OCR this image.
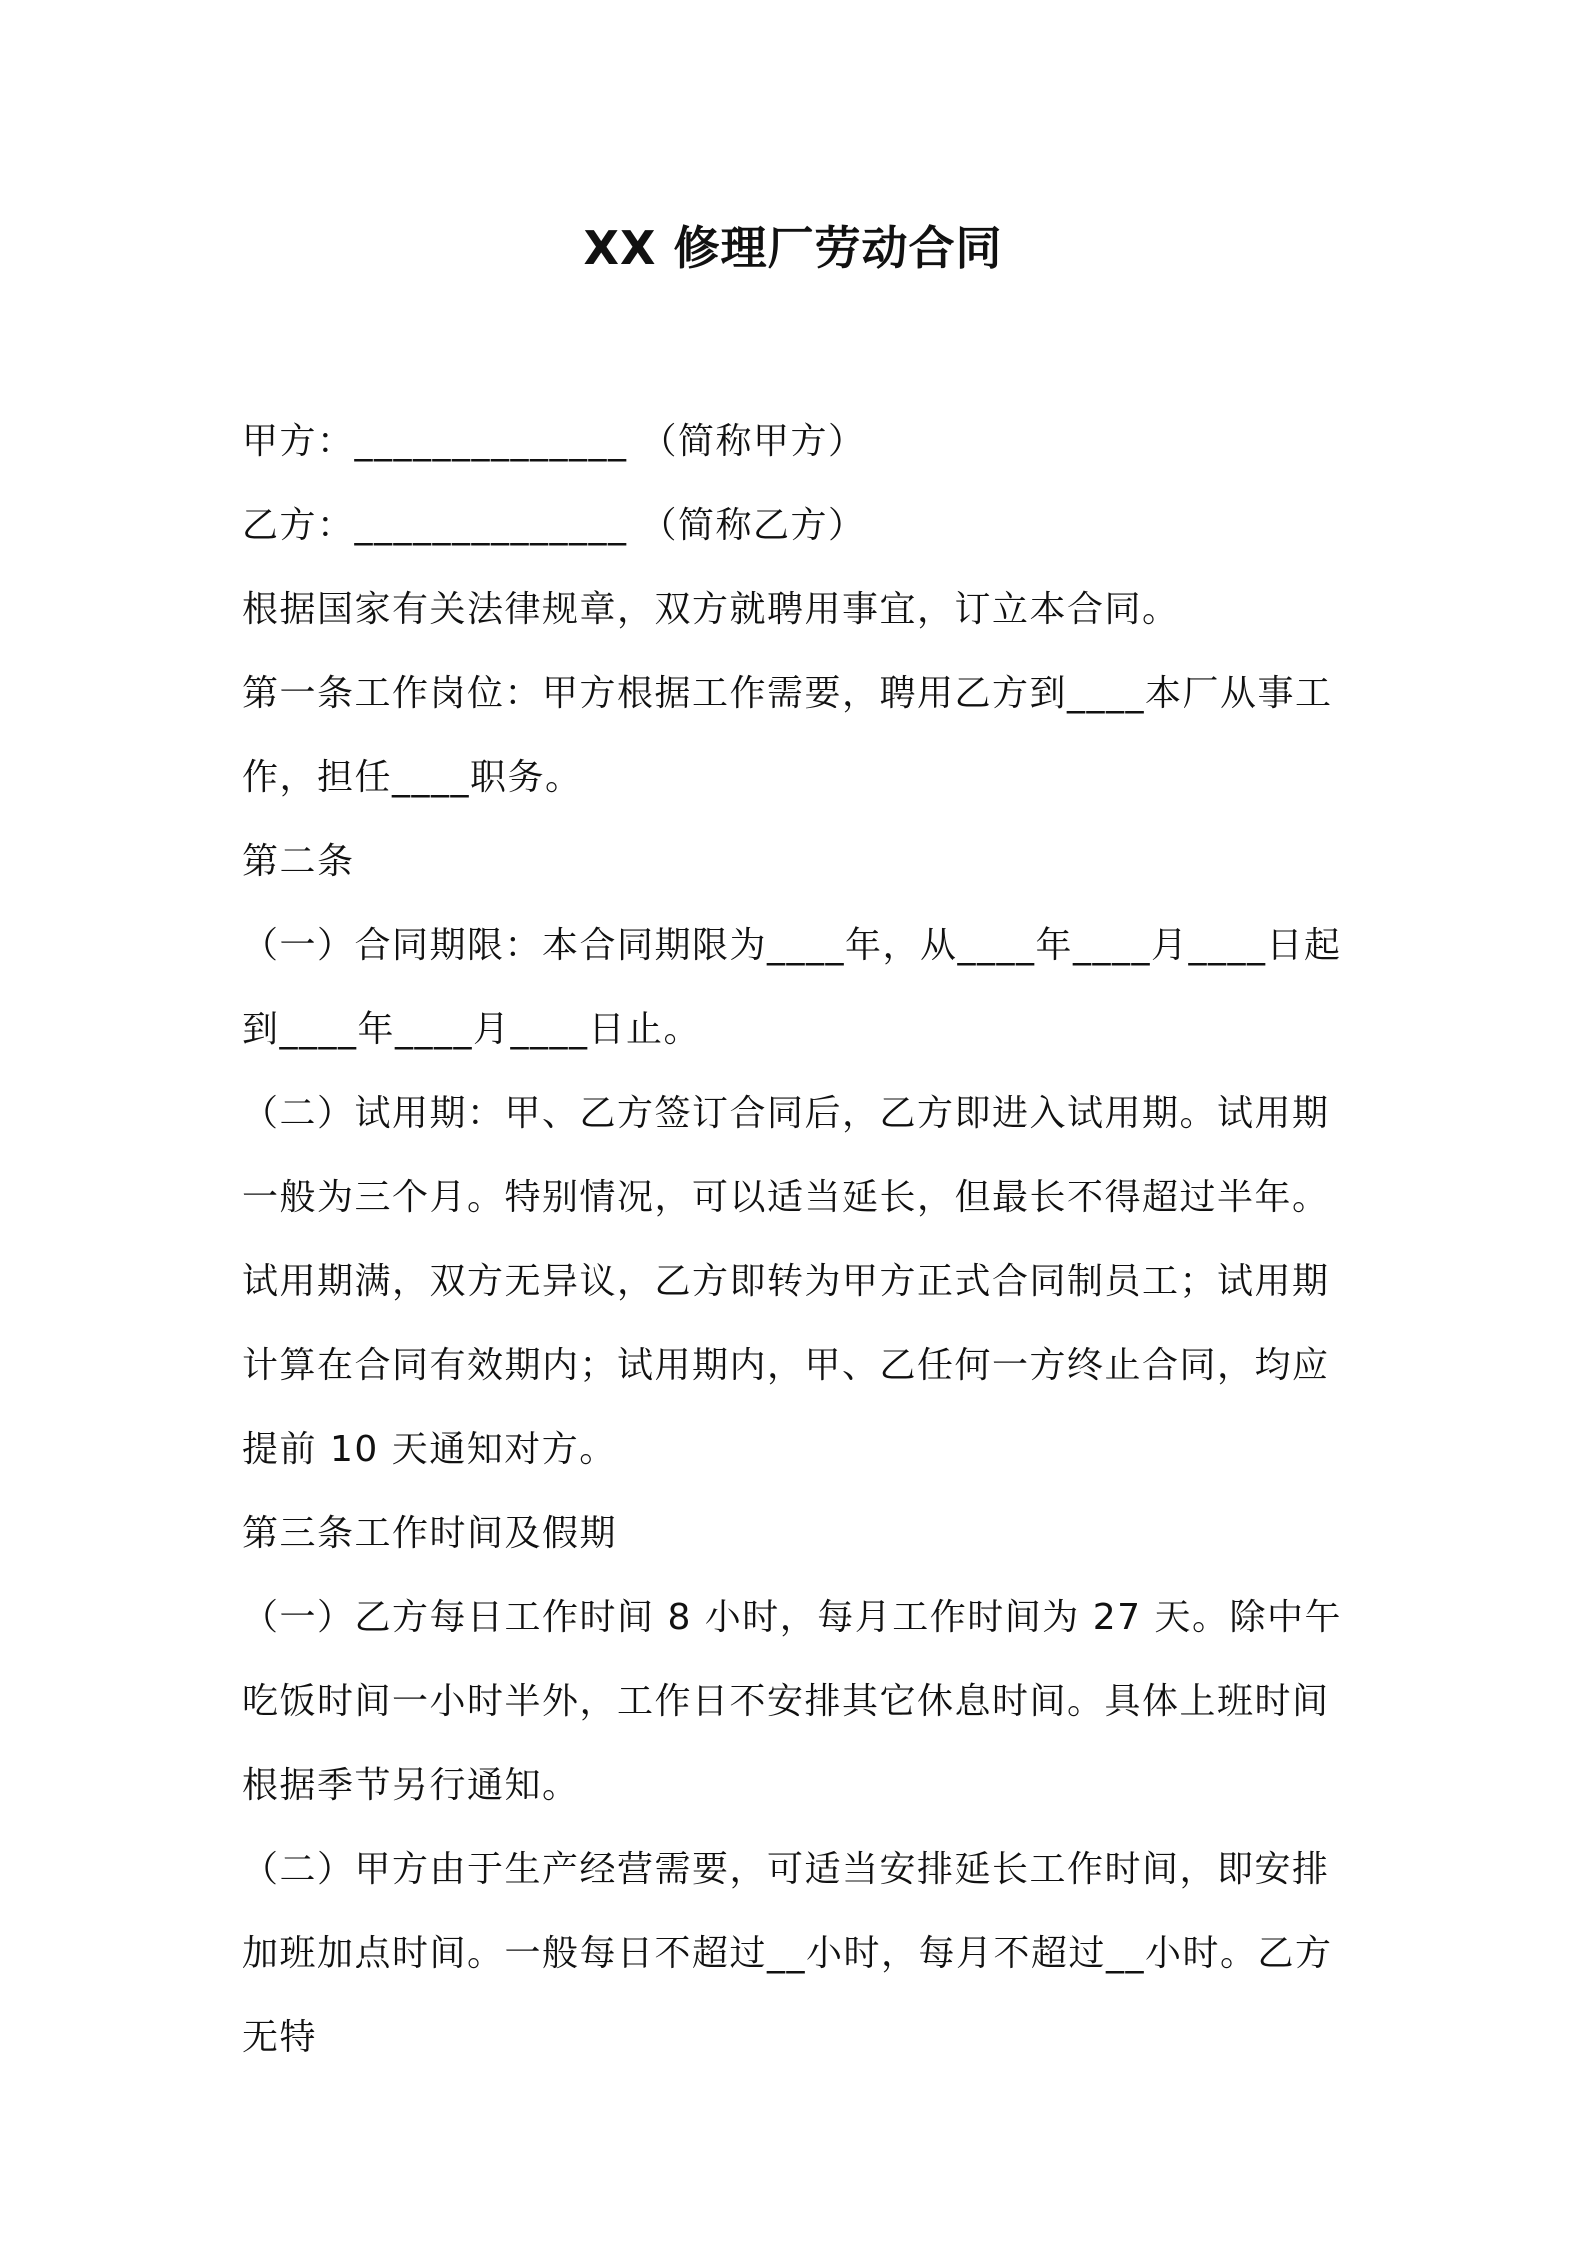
XX 修理厂劳动合同

甲方：______________ （简称甲方）

乙方：______________ （简称乙方）

根据国家有关法律规章，双方就聘用事宜，订立本合同。

第一条工作岗位：甲方根据工作需要，聘用乙方到____本厂从事工作，担任____职务。

第二条

（一）合同期限：本合同期限为____年，从____年____月____日起到____年____月____日止。

（二）试用期：甲、乙方签订合同后，乙方即进入试用期。试用期一般为三个月。特别情况，可以适当延长，但最长不得超过半年。试用期满，双方无异议，乙方即转为甲方正式合同制员工；试用期计算在合同有效期内；试用期内，甲、乙任何一方终止合同，均应提前 10 天通知对方。

第三条工作时间及假期

（一）乙方每日工作时间 8 小时，每月工作时间为 27 天。除中午吃饭时间一小时半外，工作日不安排其它休息时间。具体上班时间根据季节另行通知。

（二）甲方由于生产经营需要，可适当安排延长工作时间，即安排加班加点时间。一般每日不超过__小时，每月不超过__小时。乙方无特
